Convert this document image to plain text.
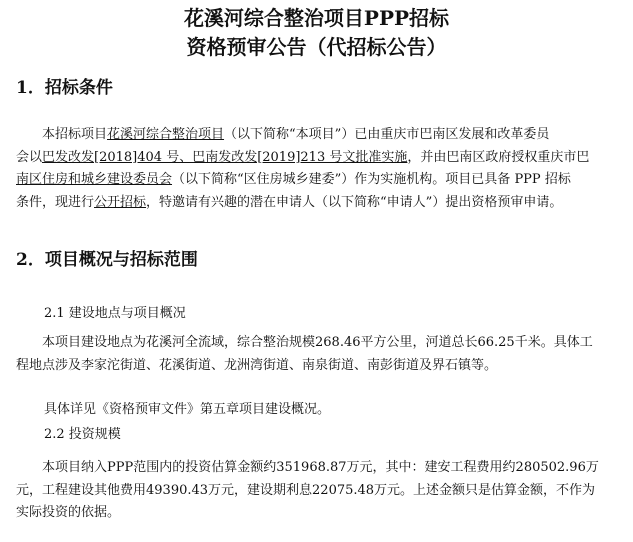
花溪河综合整治项目PPP招标
资格预审公告（代招标公告）
1．招标条件
本招标项目花溪河综合整治项目（以下简称“本项目”）已由重庆市巴南区发展和改革委员
会以巴发改发[2018]404 号、巴南发改发[2019]213 号文批准实施，并由巴南区政府授权重庆市巴
南区住房和城乡建设委员会（以下简称“区住房城乡建委”）作为实施机构。项目已具备 PPP 招标
条件，现进行公开招标，特邀请有兴趣的潜在申请人（以下简称“申请人”）提出资格预审申请。
2．项目概况与招标范围
2.1 建设地点与项目概况
本项目建设地点为花溪河全流域，综合整治规模268.46平方公里，河道总长66.25千米。具体工
程地点涉及李家沱街道、花溪街道、龙洲湾街道、南泉街道、南彭街道及界石镇等。
具体详见《资格预审文件》第五章项目建设概况。
2.2 投资规模
本项目纳入PPP范围内的投资估算金额约351968.87万元，其中：建安工程费用约280502.96万
元，工程建设其他费用49390.43万元，建设期利息22075.48万元。上述金额只是估算金额，不作为
实际投资的依据。
